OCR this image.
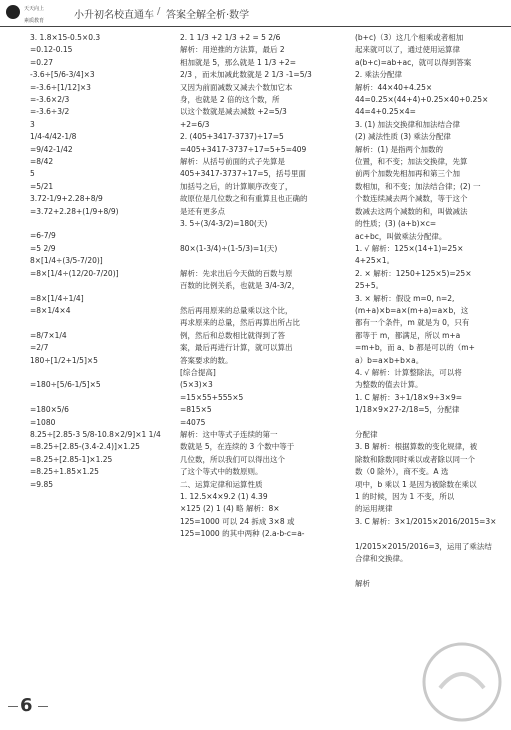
天天向上
素质教育
小升初名校直通车 / 答案全解全析·数学
3. 1.8×15-0.5×0.3
=0.12-0.15
=0.27
-3.6÷[5/6-3/4]×3
=-3.6÷[1/12]×3
=-3.6×2/3
=-3.6÷3/2
3
1/4-4/42-1/8
=9/42-1/42
=8/42
5
=5/21
3.72-1/9+2.28+8/9
=3.72+2.28+(1/9+8/9)
=6-7/9
=5 2/9
8×[1/4÷(3/5-7/20)]
=8×[1/4÷(12/20-7/20)]
=8×[1/4÷1/4]
=8×1/4×4
=8/7×1/4
=2/7
180÷[1/2+1/5]×5
=180÷[5/6-1/5]×5
=180×5/6
=1080
8.25÷[2.85-3 5/8-10.8×2/9]×1 1/4
=8.25÷[2.85-(3.4-2.4)]×1.25
=8.25÷[2.85-1]×1.25
=8.25÷1.85×1.25
=9.85
2. 1 1/3 +2 1/3 +2 = 5 2/6
解析：用逆推的方法算，最后 2
相加就是 5，那么就是 1 1/3 +2=
2/3 ，而未加减此数就是 2 1/3 -1=5/3
又因为前面减数又减去个数加它本
身，也就是 2 倍的这个数，所
以这个数就是减去减数 +2=5/3
+2=6/3
2. (405+3417-3737)÷17=5
=405+3417-3737÷17=5+5=409
解析：从括号前面的式子先算是
405+3417-3737÷17=5，括号里面
加括号之后，的计算顺序改变了，
故原位是几位数之和有重算且也正确的
是还有更多点
3. 5÷(3/4-3/2)=180(天)
80×(1-3/4)÷(1-5/3)=1(天)
解析：先求出后今天做的百数与原
百数的比例关系，也就是 3/4-3/2，
然后再用原来的总量乘以这个比，
再求原来的总量，然后再算出所占比
例，然后和总数相比就得到了答
案，最后再进行计算，就可以算出
答案要求的数。
[综合提高]
(5×3)×3
=15×55+555×5
=815×5
=4075
解析：这中等式子连续的第一
数就是 5，在连续的 3 个数中等于
几位数，所以我们可以得出这个
了这个等式中的数原则。
二、运算定律和运算性质
1. 12.5×4×9.2 (1) 4.39
×125 (2) 1 (4) 略 解析：8×
125=1000 可以 24 拆成 3×8 或
125=1000 的其中两种 (2.a-b-c=a-
(b+c)（3）这几个相乘或者相加
起来就可以了，通过使用运算律
a(b+c)=ab+ac，就可以得到答案
2. 乘法分配律
解析：44×40+4.25×
44=0.25×(44+4)+0.25×40+0.25×
44=4+0.25×4=
3. (1) 加法交换律和加法结合律
(2) 减法性质 (3) 乘法分配律
解析：(1) 是指两个加数的
位置，和不变；加法交换律，先算
前两个加数先相加再和第三个加
数相加，和不变；加法结合律；(2) 一
个数连续减去两个减数，等于这个
数减去这两个减数的和，叫做减法
的性质；(3) (a+b)×c=
ac+bc，叫做乘法分配律。
1. √ 解析：125×(14+1)=25×
4+25×1。
2. × 解析：1250+125×5)=25×
25+5。
3. × 解析：假设 m=0, n=2,
(m+a)×b=a×(m+a)=a×b，这
都有一个条件，m 就是为 0，只有
都等于 m，都满足，所以 m+a
=m+b，而 a、b 都是可以的（m+
a）b=a×b+b×a。
4. √ 解析：计算整除法，可以将
为整数的值去计算。
1. C 解析：3÷1/18×9÷3×9=
1/18×9×27-2/18=5，分配律
分配律
3. B 解析：根据算数的变化规律，被
除数和除数同时乘以或者除以同一个
数（0 除外），商不变。A 选
项中，b 乘以 1 是因为被除数在乘以
1 的时候，因为 1 不变，所以
的运用规律
3. C 解析：3×1/2015×2016/2015=3×
1/2015×2015/2016=3，运用了乘法结
合律和交换律。
解析
6
